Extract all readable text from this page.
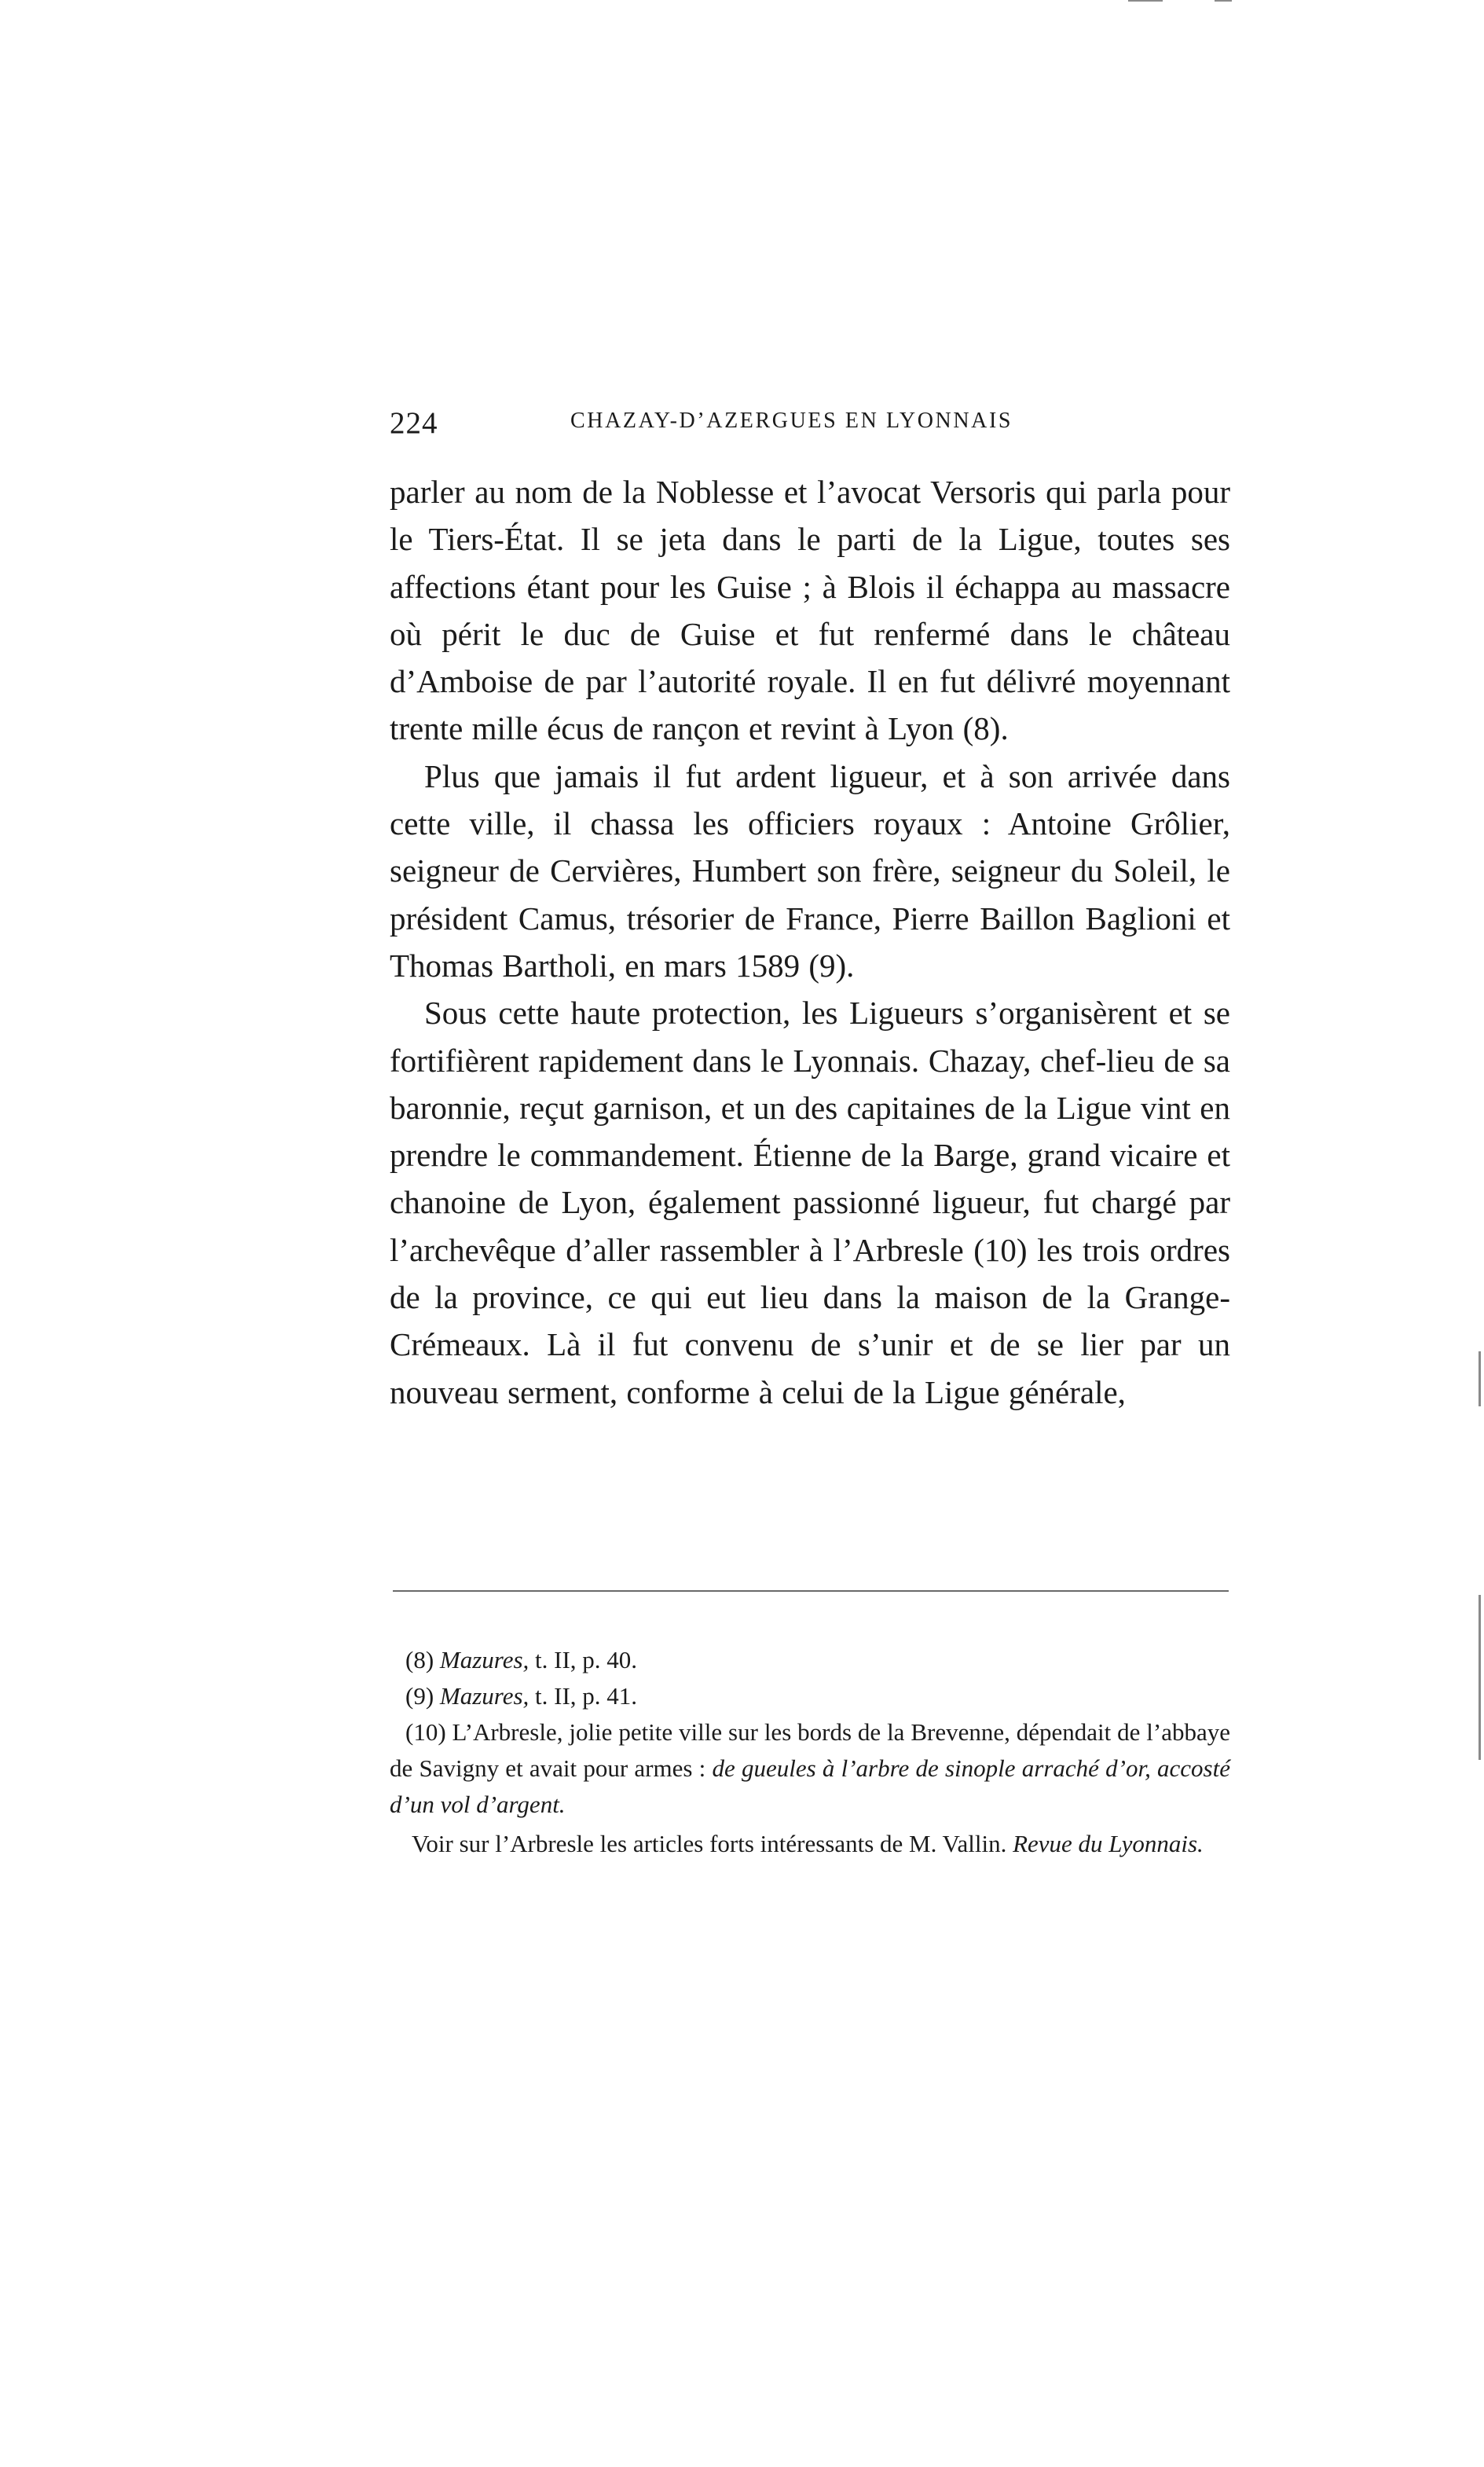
224	CHAZAY-D’AZERGUES EN LYONNAIS

parler au nom de la Noblesse et l’avocat Versoris qui parla pour le Tiers-État. Il se jeta dans le parti de la Ligue, toutes ses affections étant pour les Guise ; à Blois il échappa au massacre où périt le duc de Guise et fut renfermé dans le château d’Amboise de par l’autorité royale. Il en fut délivré moyennant trente mille écus de rançon et revint à Lyon (8).

Plus que jamais il fut ardent ligueur, et à son arrivée dans cette ville, il chassa les officiers royaux : Antoine Grôlier, seigneur de Cervières, Humbert son frère, seigneur du Soleil, le président Camus, trésorier de France, Pierre Baillon Baglioni et Thomas Bartholi, en mars 1589 (9).

Sous cette haute protection, les Ligueurs s’organisèrent et se fortifièrent rapidement dans le Lyonnais. Chazay, chef-lieu de sa baronnie, reçut garnison, et un des capitaines de la Ligue vint en prendre le commandement. Étienne de la Barge, grand vicaire et chanoine de Lyon, également passionné ligueur, fut chargé par l’archevêque d’aller rassembler à l’Arbresle (10) les trois ordres de la province, ce qui eut lieu dans la maison de la Grange-Crémeaux. Là il fut convenu de s’unir et de se lier par un nouveau serment, conforme à celui de la Ligue générale,

(8) Mazures, t. II, p. 40.

(9) Mazures, t. II, p. 41.

(10) L’Arbresle, jolie petite ville sur les bords de la Brevenne, dépendait de l’abbaye de Savigny et avait pour armes : de gueules à l’arbre de sinople arraché d’or, accosté d’un vol d’argent.

Voir sur l’Arbresle les articles forts intéressants de M. Vallin. Revue du Lyonnais.
